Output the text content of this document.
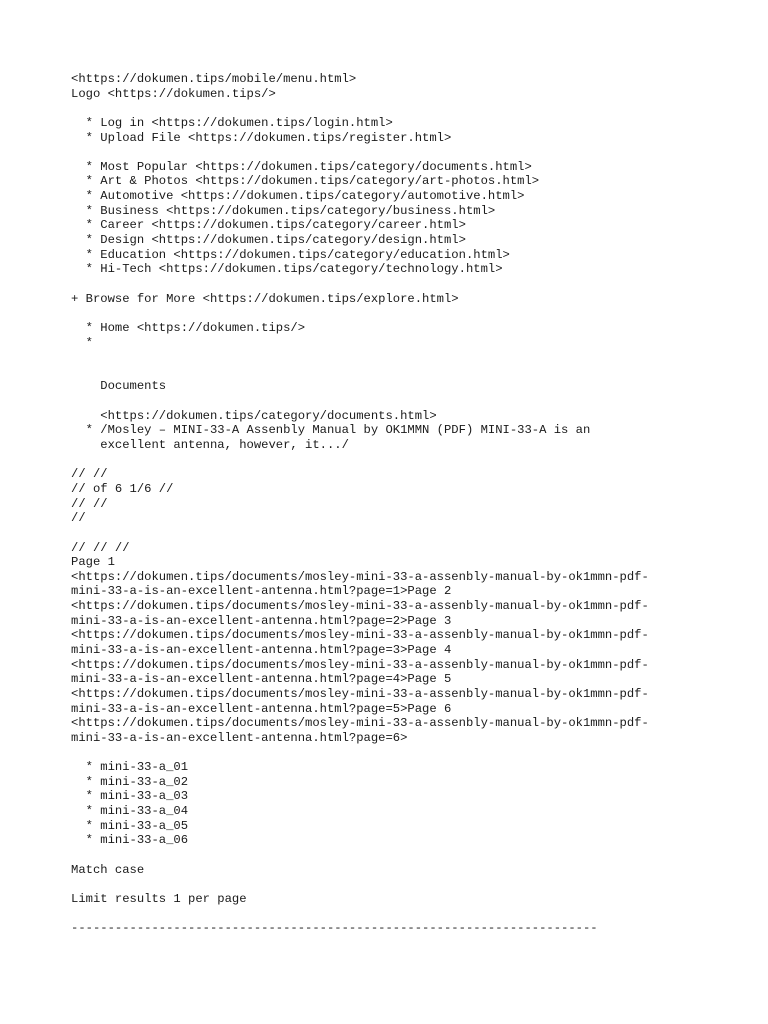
<https://dokumen.tips/mobile/menu.html>
Logo <https://dokumen.tips/>
* Log in <https://dokumen.tips/login.html>
* Upload File <https://dokumen.tips/register.html>
* Most Popular <https://dokumen.tips/category/documents.html>
* Art & Photos <https://dokumen.tips/category/art-photos.html>
* Automotive <https://dokumen.tips/category/automotive.html>
* Business <https://dokumen.tips/category/business.html>
* Career <https://dokumen.tips/category/career.html>
* Design <https://dokumen.tips/category/design.html>
* Education <https://dokumen.tips/category/education.html>
* Hi-Tech <https://dokumen.tips/category/technology.html>
+ Browse for More <https://dokumen.tips/explore.html>
* Home <https://dokumen.tips/>
*
Documents
<https://dokumen.tips/category/documents.html>
* /Mosley – MINI-33-A Assenbly Manual by OK1MMN (PDF) MINI-33-A is an
excellent antenna, however, it.../
// //
// of 6 1/6 //
// //
//
// // //
Page 1
<https://dokumen.tips/documents/mosley-mini-33-a-assenbly-manual-by-ok1mmn-pdf-
mini-33-a-is-an-excellent-antenna.html?page=1>Page 2
<https://dokumen.tips/documents/mosley-mini-33-a-assenbly-manual-by-ok1mmn-pdf-
mini-33-a-is-an-excellent-antenna.html?page=2>Page 3
<https://dokumen.tips/documents/mosley-mini-33-a-assenbly-manual-by-ok1mmn-pdf-
mini-33-a-is-an-excellent-antenna.html?page=3>Page 4
<https://dokumen.tips/documents/mosley-mini-33-a-assenbly-manual-by-ok1mmn-pdf-
mini-33-a-is-an-excellent-antenna.html?page=4>Page 5
<https://dokumen.tips/documents/mosley-mini-33-a-assenbly-manual-by-ok1mmn-pdf-
mini-33-a-is-an-excellent-antenna.html?page=5>Page 6
<https://dokumen.tips/documents/mosley-mini-33-a-assenbly-manual-by-ok1mmn-pdf-
mini-33-a-is-an-excellent-antenna.html?page=6>
* mini-33-a_01
* mini-33-a_02
* mini-33-a_03
* mini-33-a_04
* mini-33-a_05
* mini-33-a_06
Match case
Limit results 1 per page
------------------------------------------------------------------------
